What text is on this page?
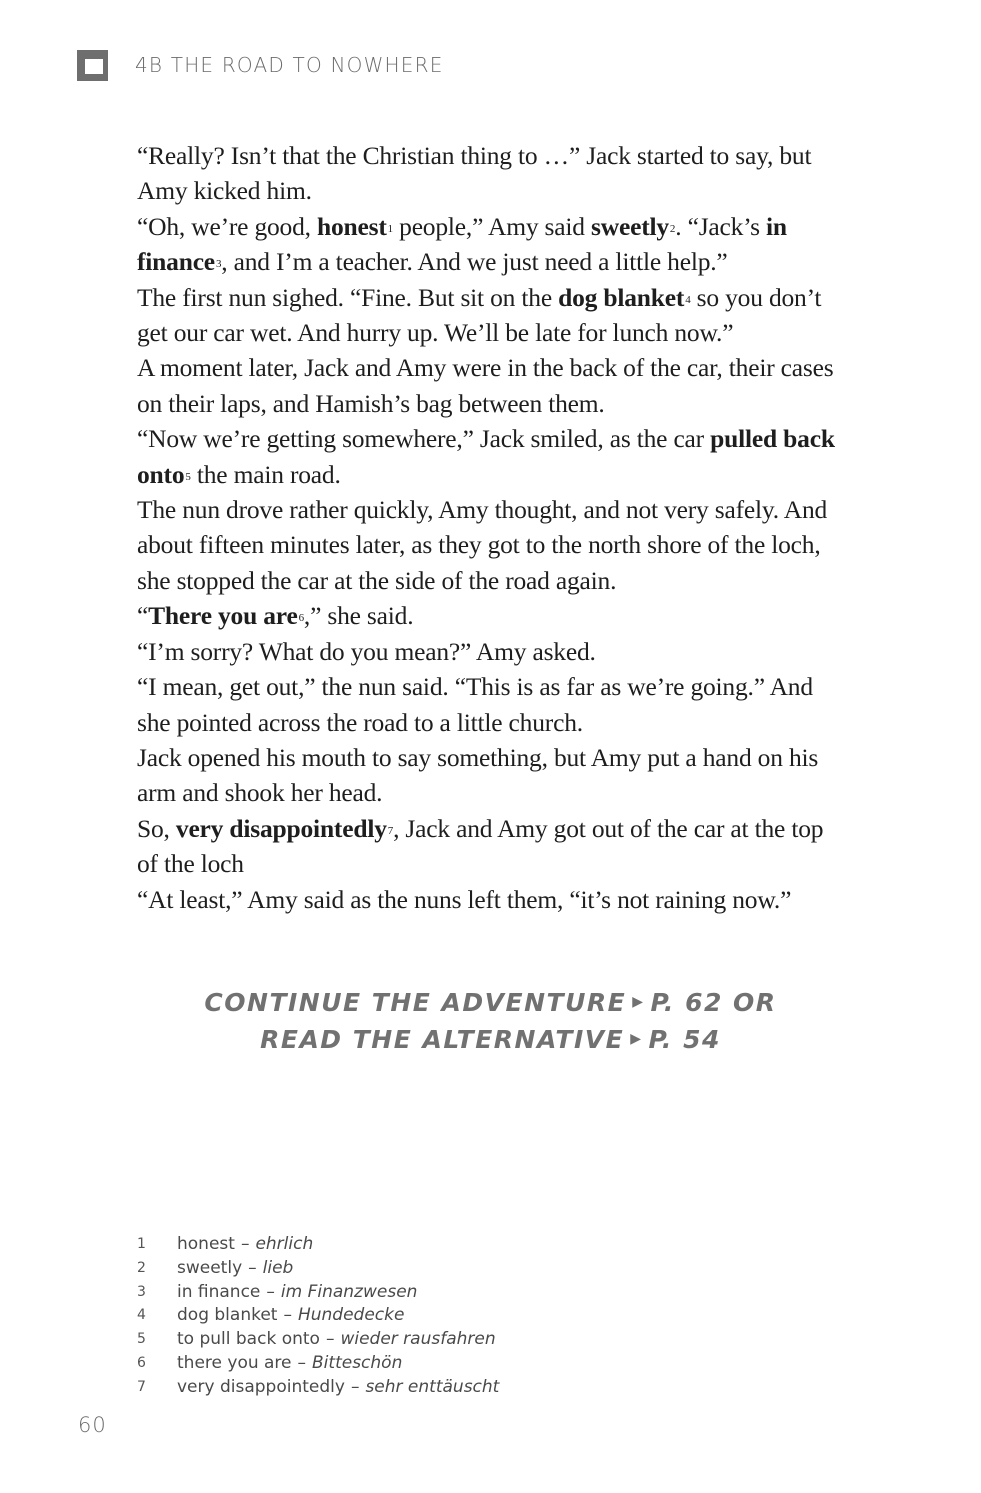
4B THE ROAD TO NOWHERE

“Really? Isn’t that the Christian thing to …” Jack started to say, but Amy kicked him.

“Oh, we’re good, honest$^1$ people,” Amy said sweetly$^2$. “Jack’s in finance$^3$, and I’m a teacher. And we just need a little help.”

The first nun sighed. “Fine. But sit on the dog blanket$^4$ so you don’t get our car wet. And hurry up. We’ll be late for lunch now.”

A moment later, Jack and Amy were in the back of the car, their cases on their laps, and Hamish’s bag between them.

“Now we’re getting somewhere,” Jack smiled, as the car pulled back onto$^5$ the main road.

The nun drove rather quickly, Amy thought, and not very safely. And about fifteen minutes later, as they got to the north shore of the loch, she stopped the car at the side of the road again.

“There you are$^6$,” she said.

“I’m sorry? What do you mean?” Amy asked.

“I mean, get out,” the nun said. “This is as far as we’re going.” And she pointed across the road to a little church.

Jack opened his mouth to say something, but Amy put a hand on his arm and shook her head.

So, very disappointedly$^7$, Jack and Amy got out of the car at the top of the loch

“At least,” Amy said as the nuns left them, “it’s not raining now.”

CONTINUE THE ADVENTURE ▶ P. 62 OR
READ THE ALTERNATIVE ▶ P. 54
1	honest – ehrlich
2	sweetly – lieb
3	in finance – im Finanzwesen
4	dog blanket – Hundedecke
5	to pull back onto – wieder rausfahren
6	there you are – Bitteschön
7	very disappointedly – sehr enttäuscht
60
